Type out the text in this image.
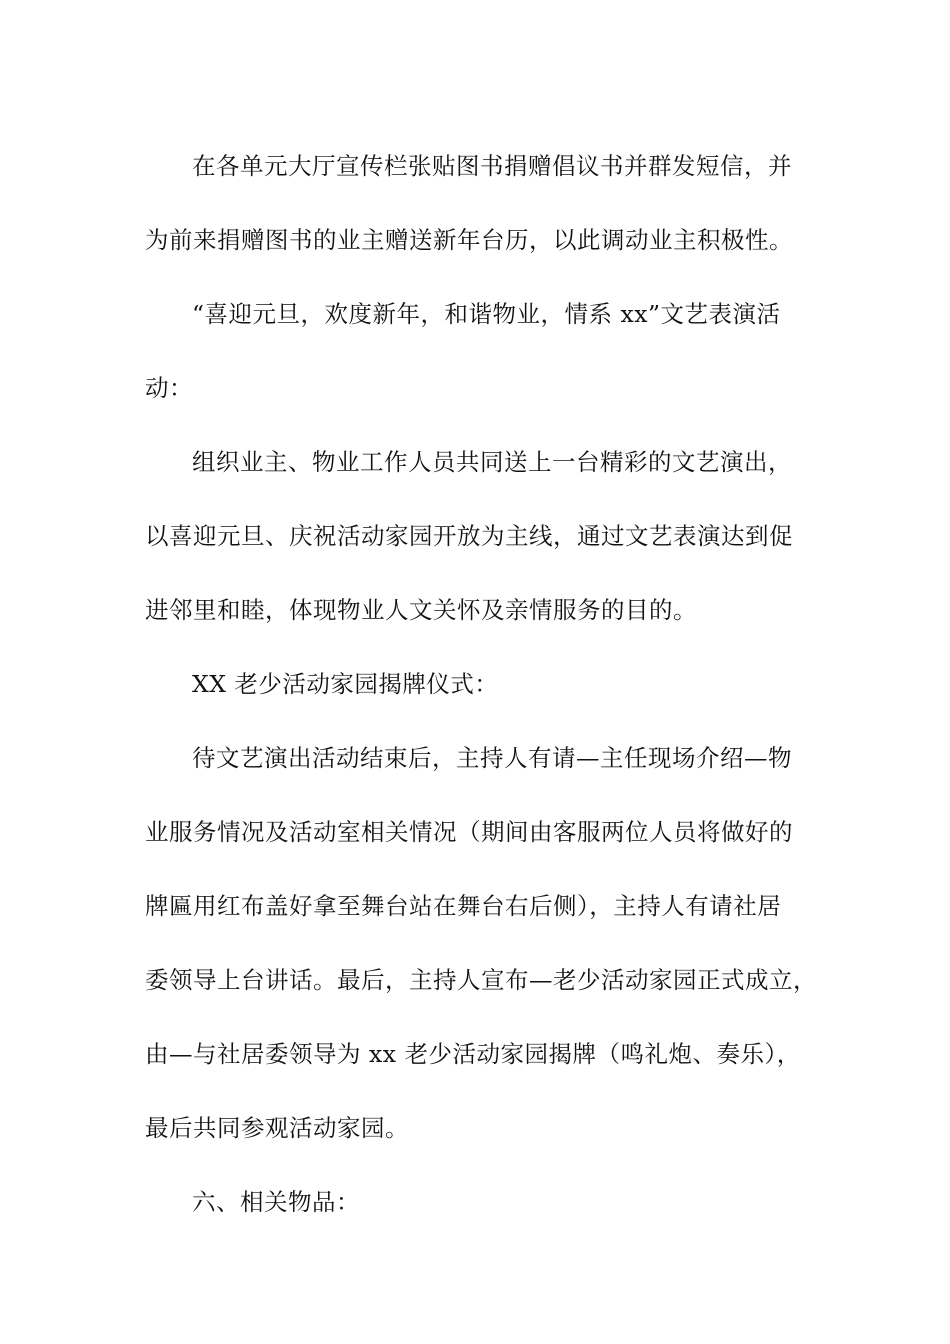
在各单元大厅宣传栏张贴图书捐赠倡议书并群发短信，并
为前来捐赠图书的业主赠送新年台历，以此调动业主积极性。
“喜迎元旦，欢度新年，和谐物业，情系 xx”文艺表演活
动：
组织业主、物业工作人员共同送上一台精彩的文艺演出，
以喜迎元旦、庆祝活动家园开放为主线，通过文艺表演达到促
进邻里和睦，体现物业人文关怀及亲情服务的目的。
XX 老少活动家园揭牌仪式：
待文艺演出活动结束后，主持人有请—主任现场介绍—物
业服务情况及活动室相关情况（期间由客服两位人员将做好的
牌匾用红布盖好拿至舞台站在舞台右后侧），主持人有请社居
委领导上台讲话。最后，主持人宣布—老少活动家园正式成立，
由—与社居委领导为 xx 老少活动家园揭牌（鸣礼炮、奏乐），
最后共同参观活动家园。
六、相关物品：
